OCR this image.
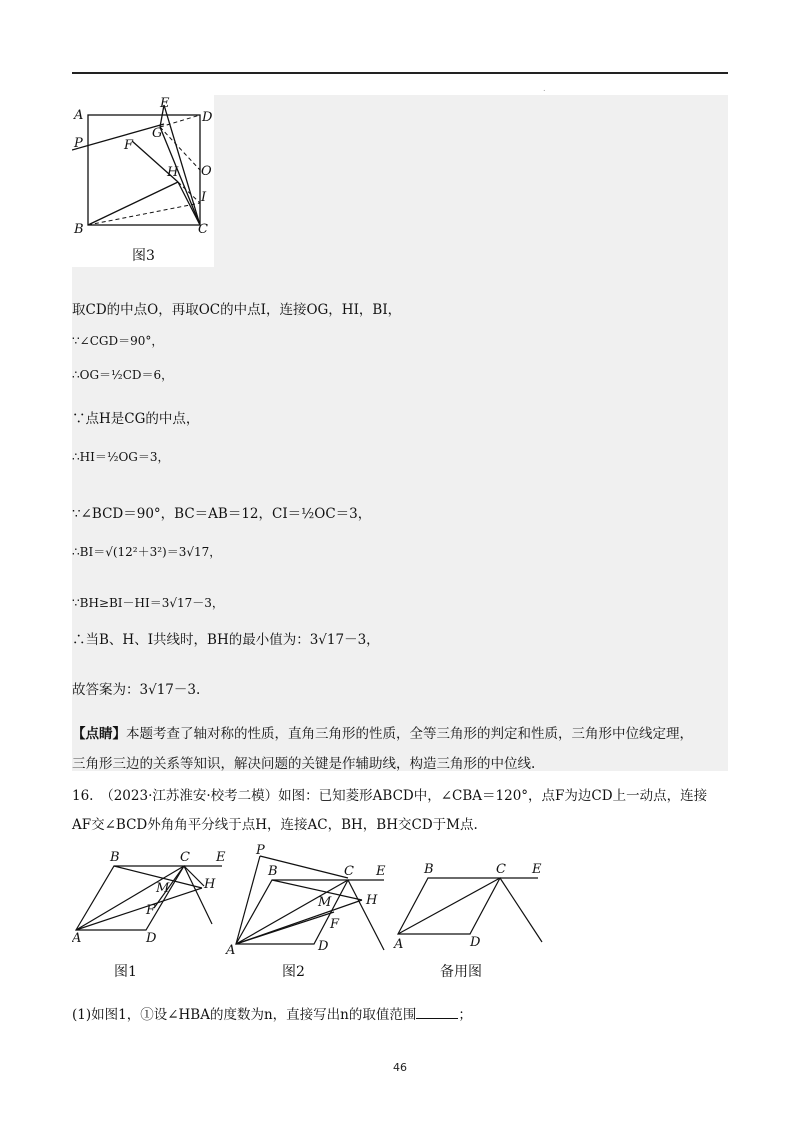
.
A
E
D
P	F
G
H O
I
B	C
图3
取CD的中点O，再取OC的中点I，连接OG，HI，BI，
∵∠CGD＝90°，
∴OG＝½CD＝6，
∵点H是CG的中点，
∴HI＝½OG＝3，
∵∠BCD＝90°，BC＝AB＝12，CI＝½OC＝3，
∴BI＝√(12²＋3²)＝3√17，
∵BH≥BI－HI＝3√17－3，
∴当B、H、I共线时，BH的最小值为：3√17－3，
故答案为：3√17－3.
【点睛】本题考查了轴对称的性质，直角三角形的性质，全等三角形的判定和性质，三角形中位线定理，
三角形三边的关系等知识，解决问题的关键是作辅助线，构造三角形的中位线.
16.　（2023·江苏淮安·校考二模）如图：已知菱形ABCD中，∠CBA＝120°，点F为边CD上一动点，连接
AF交∠BCD外角角平分线于点H，连接AC，BH，BH交CD于M点.
B	C E
M	H
F
A	D
图1
P
B	C E
M	H
F
A	D
图2
B	C E
A	D
备用图
(1)如图1，①设∠HBA的度数为n，直接写出n的取值范围	；
46
